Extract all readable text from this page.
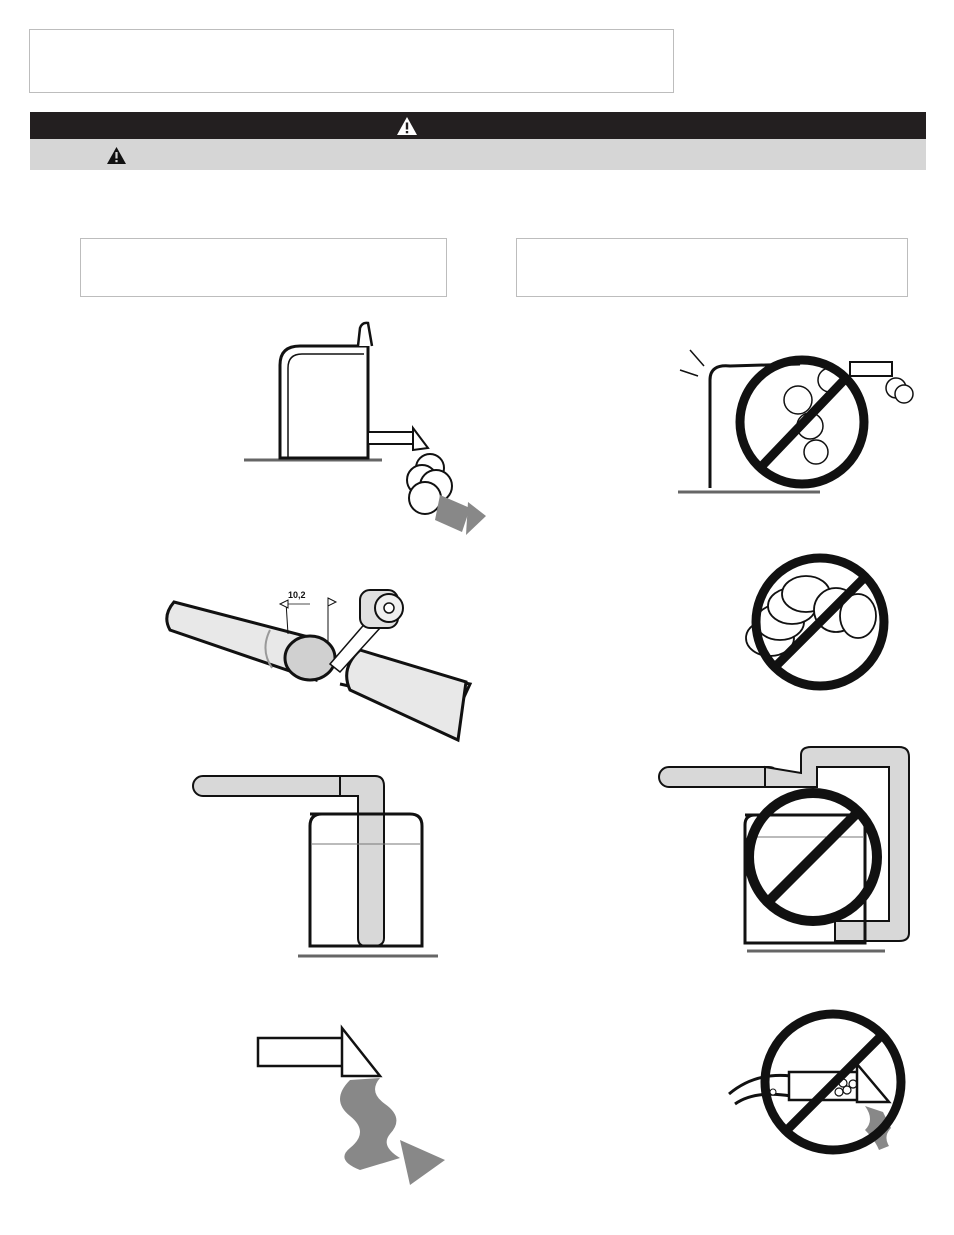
10,2
